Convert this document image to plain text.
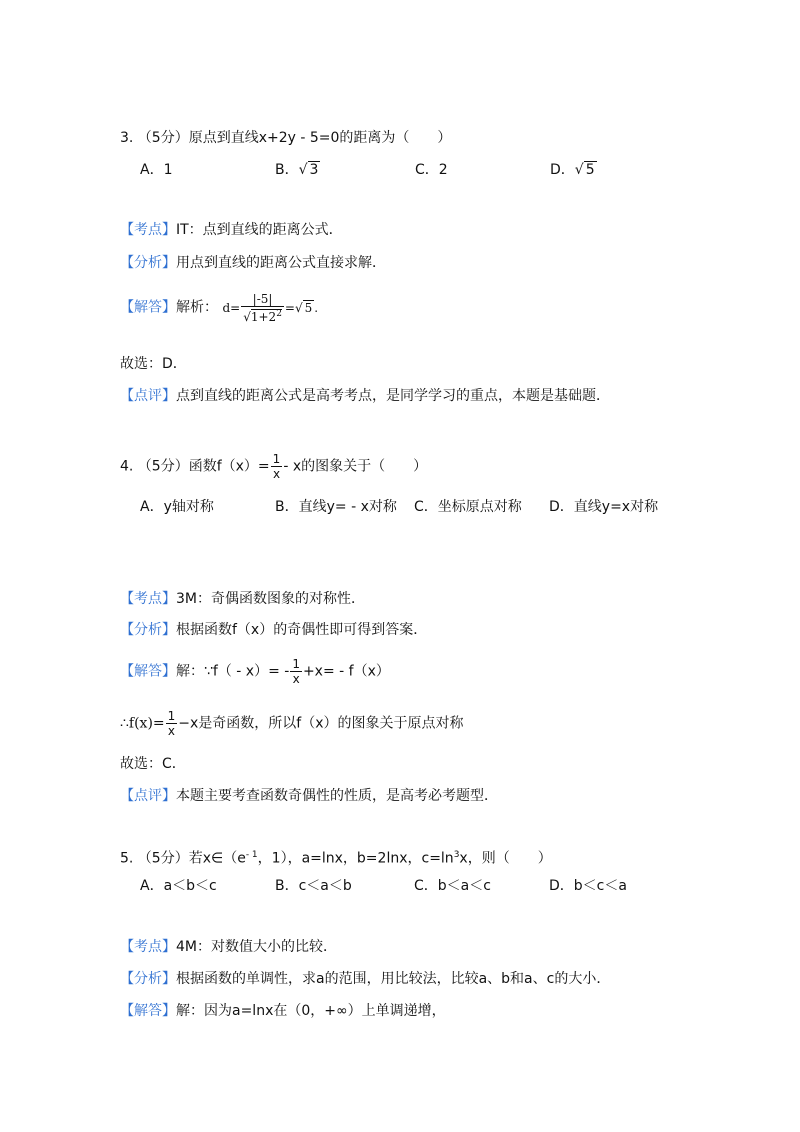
3. （5分）原点到直线x+2y - 5=0的距离为（　　）
A．1	B．√ 3	C．2	D．√ 5
【考点】IT：点到直线的距离公式．
【分析】用点到直线的距离公式直接求解．
【解答】解析： $d= \frac{|-5|}{√1+2^2}$ =√ 5 .
故选：D．
【点评】点到直线的距离公式是高考考点，是同学学习的重点，本题是基础题．
4. （5分）函数$f(x)= \frac{1}{x} - x$的图象关于（　　）
A．y轴对称	B．直线y= - x对称 C．坐标原点对称 D．直线y=x对称
【考点】3M：奇偶函数图象的对称性．
【分析】根据函数f（x）的奇偶性即可得到答案．
【解答】解：∵f（ - $x)= - \frac{1}{x} +x= - f(x)$
∴f(x)= $\frac{1}{x} -x$是奇函数，所以f（x）的图象关于原点对称
故选：C．
【点评】本题主要考查函数奇偶性的性质，是高考必考题型．
5. （5分）若$x\in(e^{- 1}$，1），a=lnx，b=2lnx，$c=\ln^3x$，则（　　）
A．a＜b＜c	B．c＜a＜b	C．b＜a＜c	D．b＜c＜a
【考点】4M：对数值大小的比较．
【分析】根据函数的单调性，求a的范围，用比较法，比较a、b和a、c的大小．
【解答】解：因为a=lnx在（0，+∞）上单调递增，
